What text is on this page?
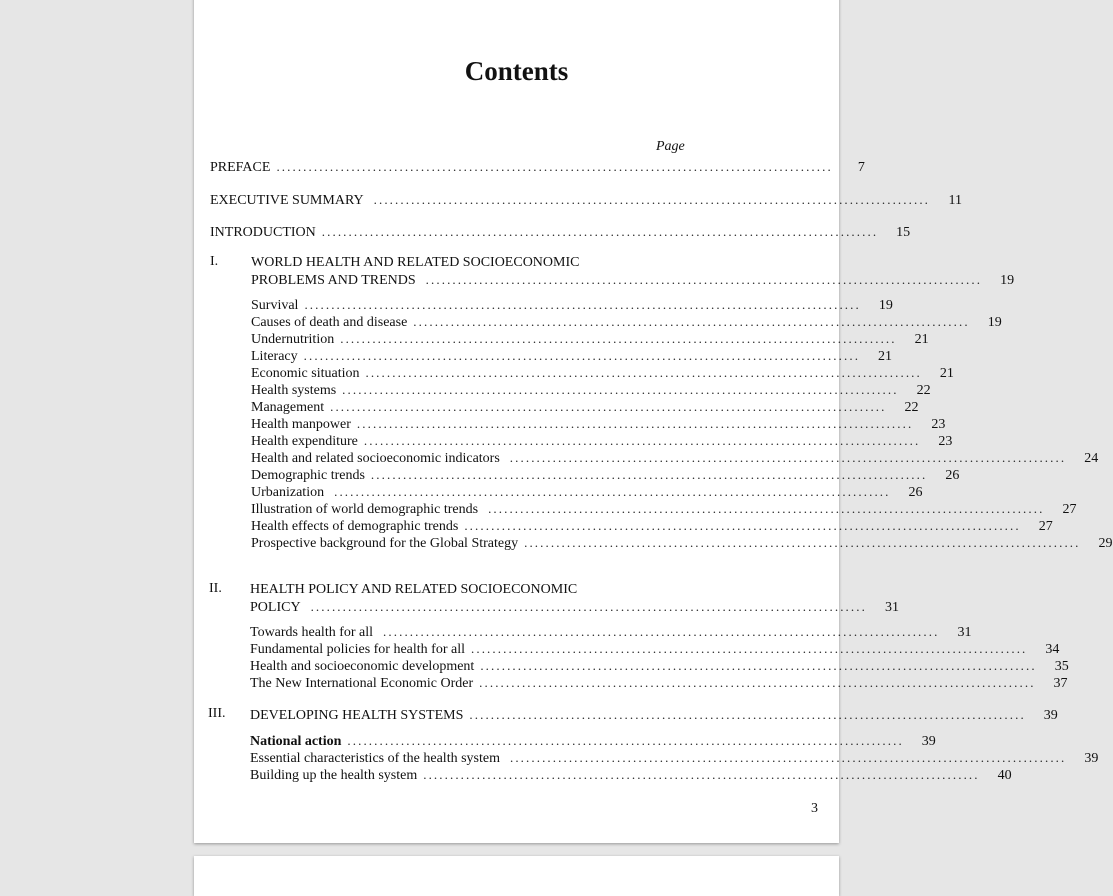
Contents
Page
PREFACE ........................................................................................................	7
EXECUTIVE SUMMARY ........................................................................................................	11
INTRODUCTION ........................................................................................................	15
I. WORLD HEALTH AND RELATED SOCIOECONOMIC
PROBLEMS AND TRENDS ........................................................................................................	19
Survival ........................................................................................................	19
Causes of death and disease ........................................................................................................	19
Undernutrition ........................................................................................................	21
Literacy ........................................................................................................	21
Economic situation ........................................................................................................	21
Health systems ........................................................................................................	22
Management ........................................................................................................	22
Health manpower ........................................................................................................	23
Health expenditure ........................................................................................................	23
Health and related socioeconomic indicators ........................................................................................................	24
Demographic trends ........................................................................................................	26
Urbanization ........................................................................................................	26
Illustration of world demographic trends ........................................................................................................	27
Health effects of demographic trends ........................................................................................................	27
Prospective background for the Global Strategy ........................................................................................................	29
II. HEALTH POLICY AND RELATED SOCIOECONOMIC
POLICY ........................................................................................................	31
Towards health for all ........................................................................................................	31
Fundamental policies for health for all ........................................................................................................	34
Health and socioeconomic development ........................................................................................................	35
The New International Economic Order ........................................................................................................	37
III. DEVELOPING HEALTH SYSTEMS ........................................................................................................	39
National action ........................................................................................................	39
Essential characteristics of the health system ........................................................................................................	39
Building up the health system ........................................................................................................	40
3
